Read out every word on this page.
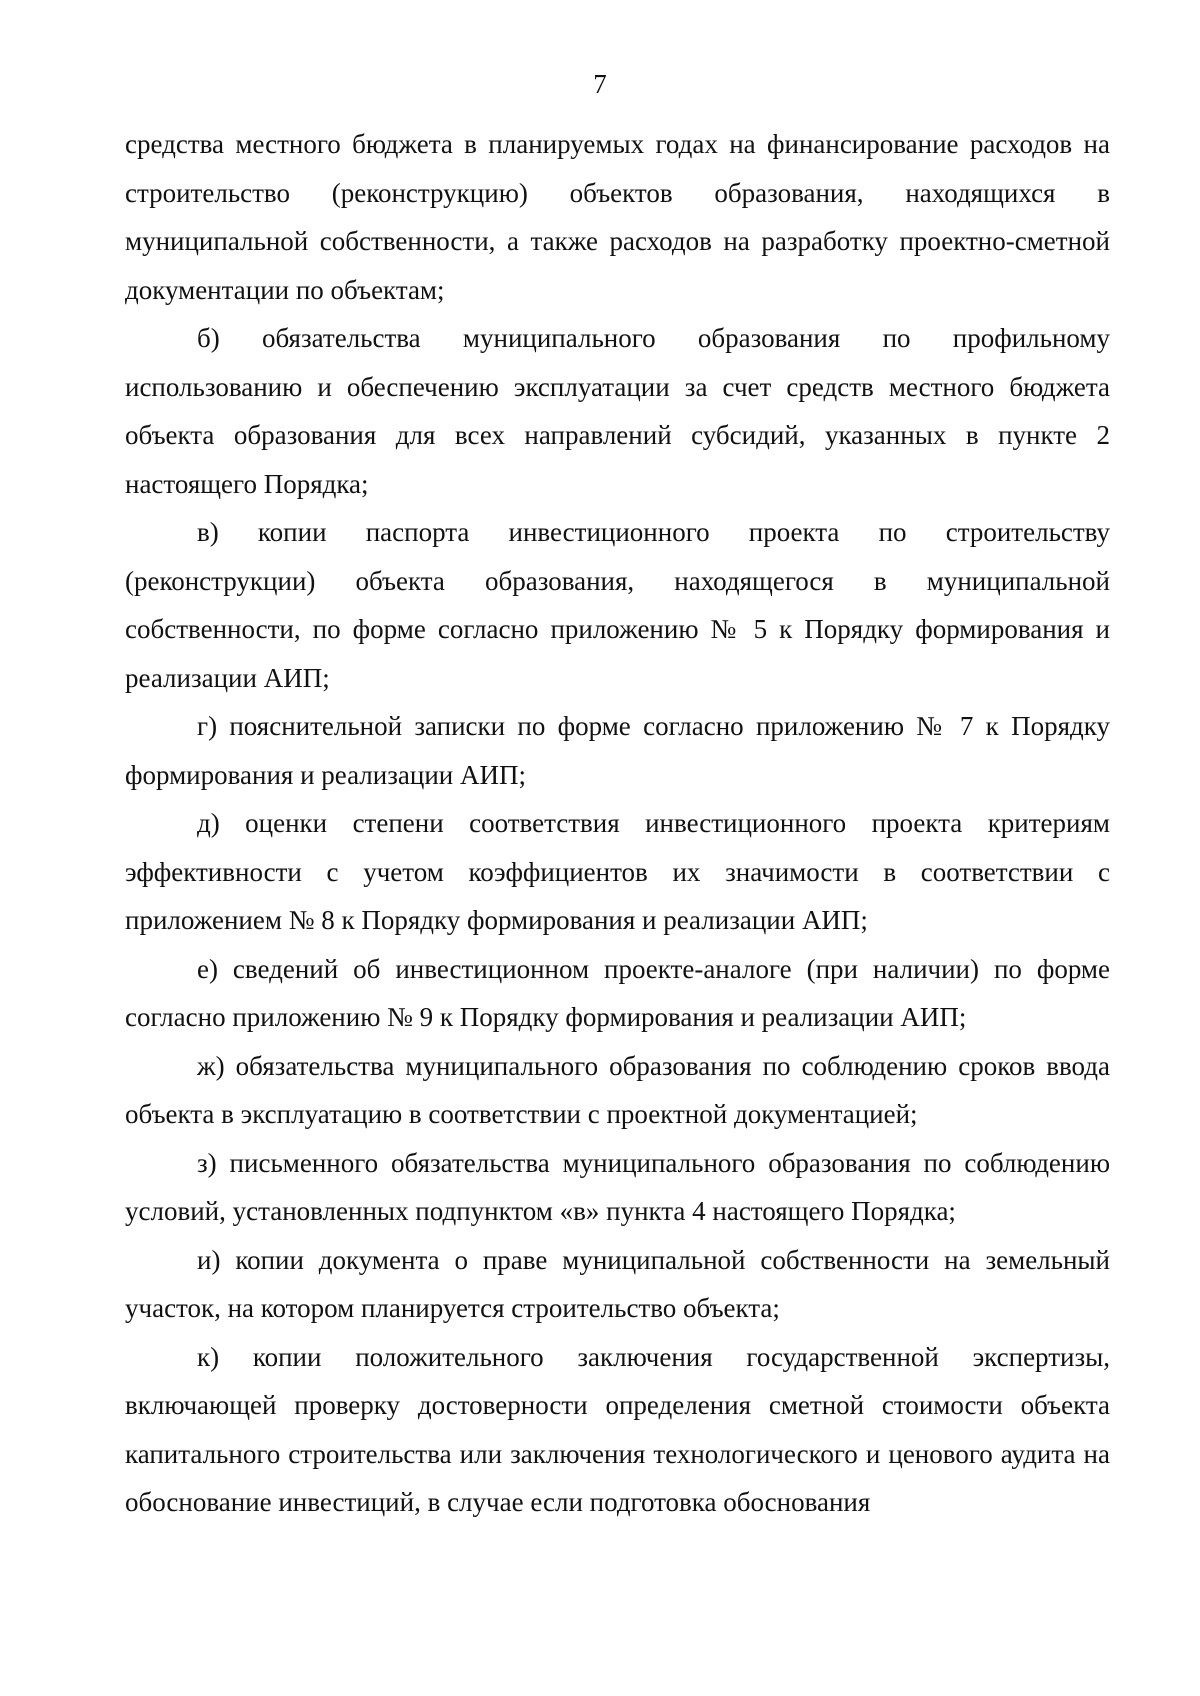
7

средства местного бюджета в планируемых годах на финансирование расходов на строительство (реконструкцию) объектов образования, находящихся в муниципальной собственности, а также расходов на разработку проектно-сметной документации по объектам;

б) обязательства муниципального образования по профильному использованию и обеспечению эксплуатации за счет средств местного бюджета объекта образования для всех направлений субсидий, указанных в пункте 2 настоящего Порядка;

в) копии паспорта инвестиционного проекта по строительству (реконструкции) объекта образования, находящегося в муниципальной собственности, по форме согласно приложению № 5 к Порядку формирования и реализации АИП;

г) пояснительной записки по форме согласно приложению № 7 к Порядку формирования и реализации АИП;

д) оценки степени соответствия инвестиционного проекта критериям эффективности с учетом коэффициентов их значимости в соответствии с приложением № 8 к Порядку формирования и реализации АИП;

е) сведений об инвестиционном проекте-аналоге (при наличии) по форме согласно приложению № 9 к Порядку формирования и реализации АИП;

ж) обязательства муниципального образования по соблюдению сроков ввода объекта в эксплуатацию в соответствии с проектной документацией;

з) письменного обязательства муниципального образования по соблюдению условий, установленных подпунктом «в» пункта 4 настоящего Порядка;

и) копии документа о праве муниципальной собственности на земельный участок, на котором планируется строительство объекта;

к) копии положительного заключения государственной экспертизы, включающей проверку достоверности определения сметной стоимости объекта капитального строительства или заключения технологического и ценового аудита на обоснование инвестиций, в случае если подготовка обоснования
